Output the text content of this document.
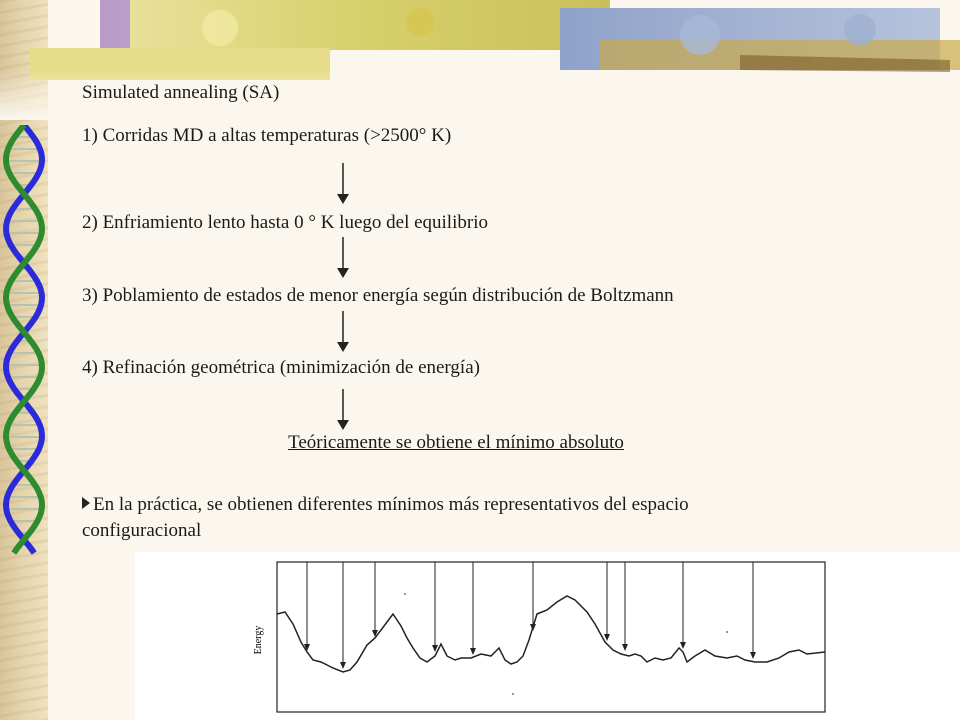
Simulated annealing (SA)
1) Corridas MD a altas temperaturas (>2500° K)
2) Enfriamiento lento hasta 0 ° K luego del equilibrio
3) Poblamiento de estados de menor energía según distribución de Boltzmann
4) Refinación geométrica (minimización de energía)
Teóricamente se obtiene el mínimo absoluto
En la práctica, se obtienen diferentes mínimos más representativos del espacio configuracional
Energy
